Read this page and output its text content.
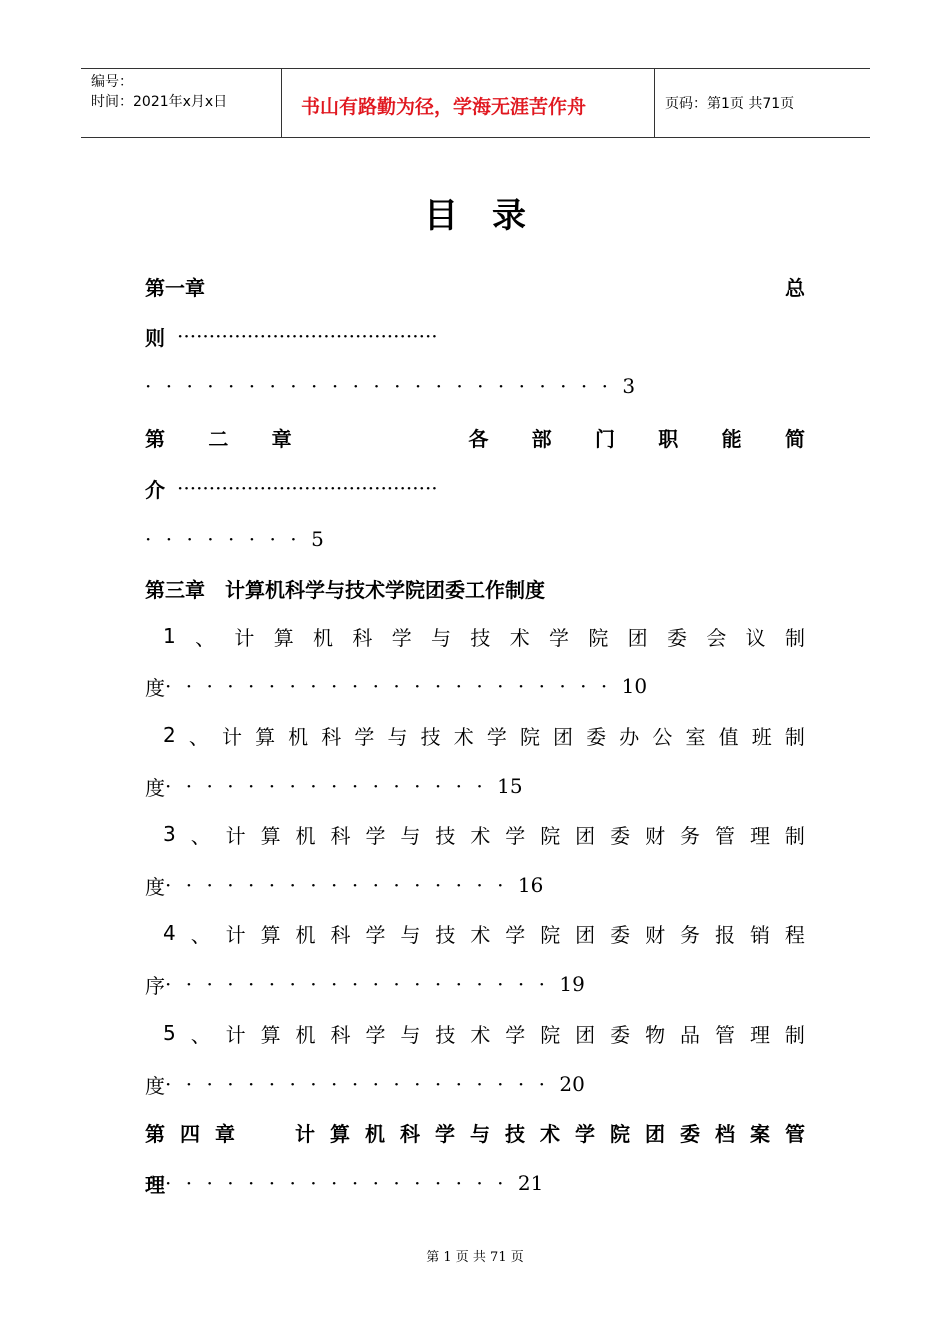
编号：
时间：2021年x月x日	书山有路勤为径，学海无涯苦作舟	页码：第1页 共71页
目录
第 一 章	总
则 ·········································
······················· 3
第 二 章	各 部 门 职 能 简
介 ·········································
········ 5
第三章　计算机科学与技术学院团委工作制度
1 、 计 算 机 科 学 与 技 术 学 院 团 委 会 议 制
度 ······················ 10
2 、 计 算 机 科 学 与 技 术 学 院 团 委 办 公 室 值 班 制
度 ················ 15
3 、 计 算 机 科 学 与 技 术 学 院 团 委 财 务 管 理 制
度 ················· 16
4 、 计 算 机 科 学 与 技 术 学 院 团 委 财 务 报 销 程
序 ··················· 19
5 、 计 算 机 科 学 与 技 术 学 院 团 委 物 品 管 理 制
度 ··················· 20
第 四 章	计 算 机 科 学 与 技 术 学 院 团 委 档 案 管
理 ················· 21
第 1 页 共 71 页
